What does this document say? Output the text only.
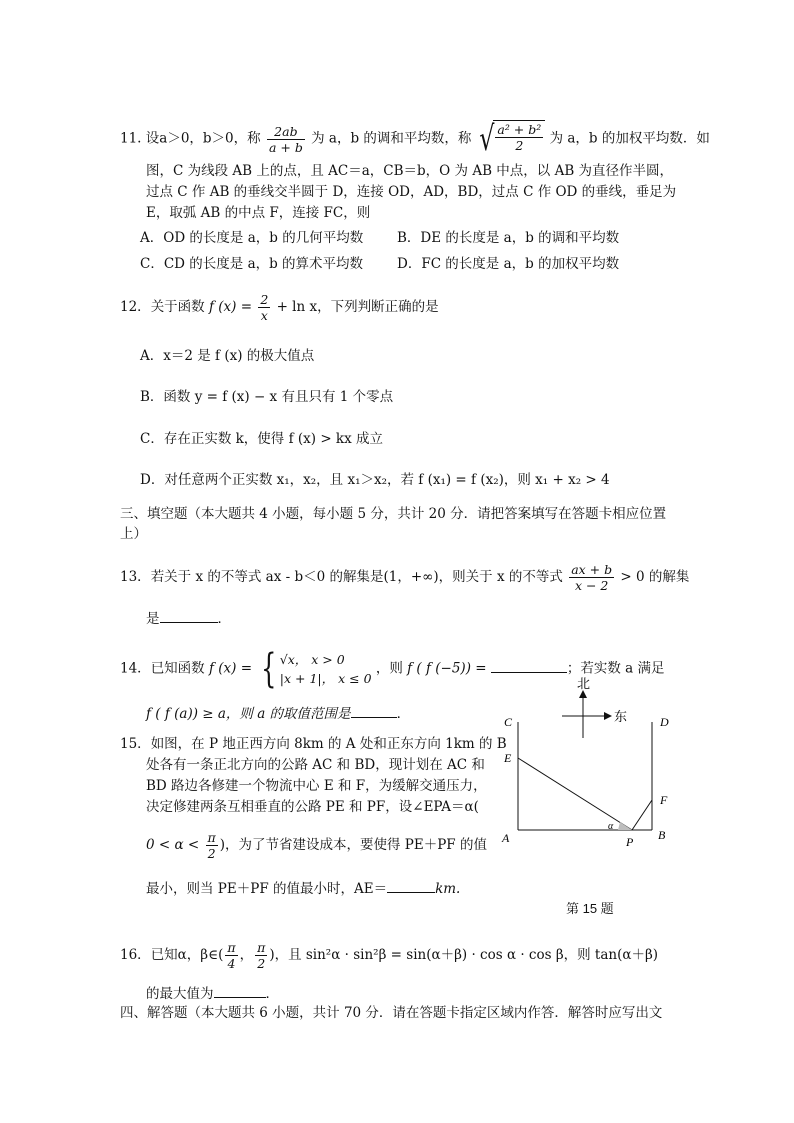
11. 设a＞0，b＞0，称 $\frac{2ab}{a + b}$ 为 a，b 的调和平均数，称 √ $\frac{\text{a² + b²}}{2}$ 为 a，b 的加权平均数．如
图，C 为线段 AB 上的点，且 AC＝a，CB＝b，O 为 AB 中点，以 AB 为直径作半圆，
过点 C 作 AB 的垂线交半圆于 D，连接 OD，AD，BD，过点 C 作 OD 的垂线，垂足为
E，取弧 AB 的中点 F，连接 FC，则
A．OD 的长度是 a，b 的几何平均数	B．DE 的长度是 a，b 的调和平均数
C．CD 的长度是 a，b 的算术平均数	D．FC 的长度是 a，b 的加权平均数
12．关于函数 f $(x) = \frac{2}{x} + \ln x$，下列判断正确的是
A．x＝2 是 f (x) 的极大值点
B．函数 y = f (x) − x 有且只有 1 个零点
C．存在正实数 k，使得 f (x) > kx 成立
D．对任意两个正实数 x₁，x₂，且 x₁＞x₂，若 f (x₁) = f (x₂)，则 x₁ + x₂ > 4
三、填空题（本大题共 4 小题，每小题 5 分，共计 20 分．请把答案填写在答题卡相应位置
上）
13．若关于 x 的不等式 ax - b＜0 的解集是(1，+∞)，则关于 x 的不等式 $\frac{ax + b}{x - 2} > 0$ 的解集
是	．
14．已知函数 f (x) = { √x， x > 0
|x + 1|， x ≤ 0
，则 f ( f (−5)) =	；若实数 a 满足
f ( f (a)) ≥ a，则 a 的取值范围是	．
15．如图，在 P 地正西方向 8km 的 A 处和正东方向 1km 的 B
处各有一条正北方向的公路 AC 和 BD，现计划在 AC 和
BD 路边各修建一个物流中心 E 和 F，为缓解交通压力，
决定修建两条互相垂直的公路 PE 和 PF，设∠EPA＝α(
$0 < \alpha < \frac{\pi}{2}$ )，为了节省建设成本，要使得 PE＋PF 的值
最小，则当 PE＋PF 的值最小时，AE＝	km.
北
东
α
C	D
E
F
A	B
P
第 15 题
16．已知α，β∈( $\frac{\pi}{4}$ ， $\frac{\pi}{2}$ )，且 sin²α · sin²β = sin(α＋β) · cos α · cos β，则 tan(α＋β)
的最大值为	．
四、解答题（本大题共 6 小题，共计 70 分．请在答题卡指定区域内作答．解答时应写出文
